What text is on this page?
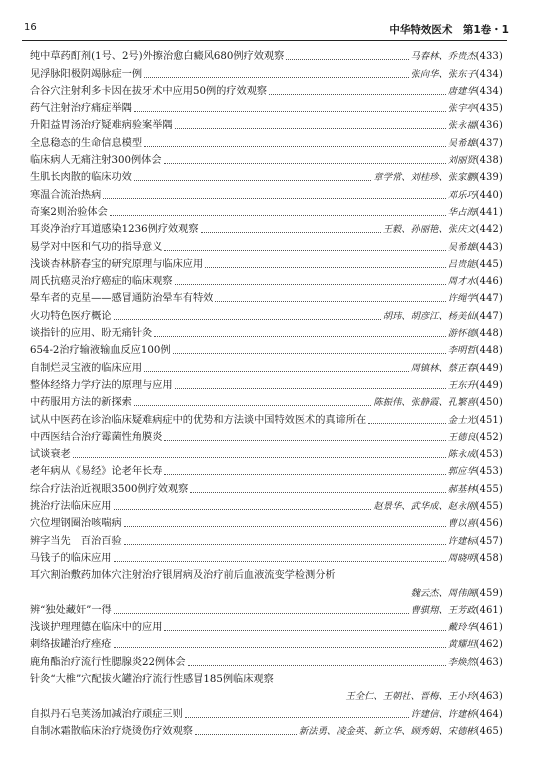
16	中华特效医术　第1卷・1
纯中草药酊剂(1号、2号)外擦治愈白癜风680例疗效观察	马春林、乔贵杰 (433)
见浮脉阳极阴竭脉症一例	张向华、张东子 (434)
合谷穴注射利多卡因在拔牙术中应用50例的疗效观察	唐建华 (434)
药气注射治疗痛症举隅	张宇亭 (435)
升阳益胃汤治疗疑难病验案举隅	张永福 (436)
全息稳态的生命信息模型	吴希雄 (437)
临床病人无痛注射300例体会	刘丽贤 (438)
生肌长肉散的临床功效	章学常、刘桂珍、张家鹏 (439)
寒温合流治热病	邓乐巧 (440)
奇案2则治验体会	华占海 (441)
耳炎净治疗耳道感染1236例疗效观察	王毅、孙丽艳、张庆文 (442)
易学对中医和气功的指导意义	吴希雄 (443)
浅谈杏林脐春宝的研究原理与临床应用	吕贵能 (445)
周氏抗癌灵治疗癌症的临床观察	周才水 (446)
晕车者的克星——感冒通防治晕车有特效	许绳学 (447)
火功特色医疗概论	胡玮、胡彦江、杨美仙 (447)
谈指针的应用、盼无痛针灸	游怀德 (448)
654-2治疗输液输血反应100例	李明哲 (448)
自制烂灵宝液的临床应用	周镇林、蔡正春 (449)
整体经络力学疗法的原理与应用	王东升 (449)
中药服用方法的新探索	陈振伟、张静霞、孔繁喜 (450)
试从中医药在诊治临床疑难病症中的优势和方法谈中国特效医术的真谛所在	金士光 (451)
中西医结合治疗霉菌性角膜炎	王德良 (452)
试谈衰老	陈永成 (453)
老年病从《易经》论老年长寿	郭应华 (453)
综合疗法治近视眼3500例疗效观察	郝基林 (455)
挑治疗法临床应用	赵景华、武华成、赵永刚 (455)
穴位埋钢圈治咳喘病	曹以喜 (456)
辨字当先　百治百验	许建标 (457)
马钱子的临床应用	周晓明 (458)
耳穴割治敷药加体穴注射治疗银屑病及治疗前后血液流变学检测分析
魏云杰、周伟阁 (459)
辨“独处藏奸”一得	曹骐翔、王芳政 (461)
浅谈护理理德在临床中的应用	戴玲华 (461)
刺络拔罐治疗痤疮	黄耀坦 (462)
鹿角酯治疗流行性腮腺炎22例体会	李焕然 (463)
针灸“大椎”穴配拔火罐治疗流行性感冒185例临床观察
王全仁、王朝社、晋梅、王小玲 (463)
自拟丹石皂荚汤加减治疗顽症三则	许建信、许建桥 (464)
自制冰霜散临床治疗烧烫伤疗效观察	新法勇、凌金英、新立华、顾秀娟、宋德彬 (465)
